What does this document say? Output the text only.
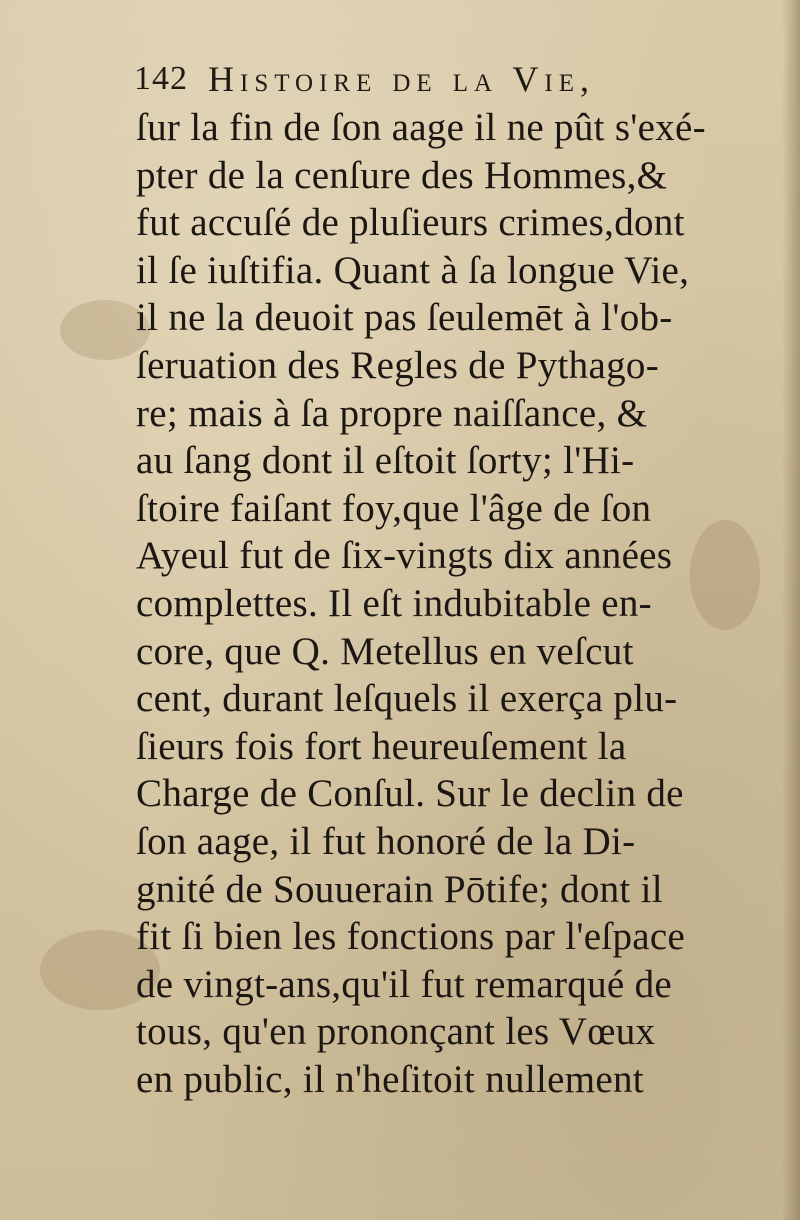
142 Histoire de la Vie,
ſur la fin de ſon aage il ne pût s'exé-
pter de la cenſure des Hommes,&
fut accuſé de pluſieurs crimes,dont
il ſe iuſtifia. Quant à ſa longue Vie,
il ne la deuoit pas ſeulemēt à l'ob-
ſeruation des Regles de Pythago-
re; mais à ſa propre naiſſance, &
au ſang dont il eſtoit ſorty; l'Hi-
ſtoire faiſant foy,que l'âge de ſon
Ayeul fut de ſix-vingts dix années
complettes. Il eſt indubitable en-
core, que Q. Metellus en veſcut
cent, durant leſquels il exerça plu-
ſieurs fois fort heureuſement la
Charge de Conſul. Sur le declin de
ſon aage, il fut honoré de la Di-
gnité de Souuerain Pōtife; dont il
fit ſi bien les fonctions par l'eſpace
de vingt-ans,qu'il fut remarqué de
tous, qu'en prononçant les Vœux
en public, il n'heſitoit nullement
